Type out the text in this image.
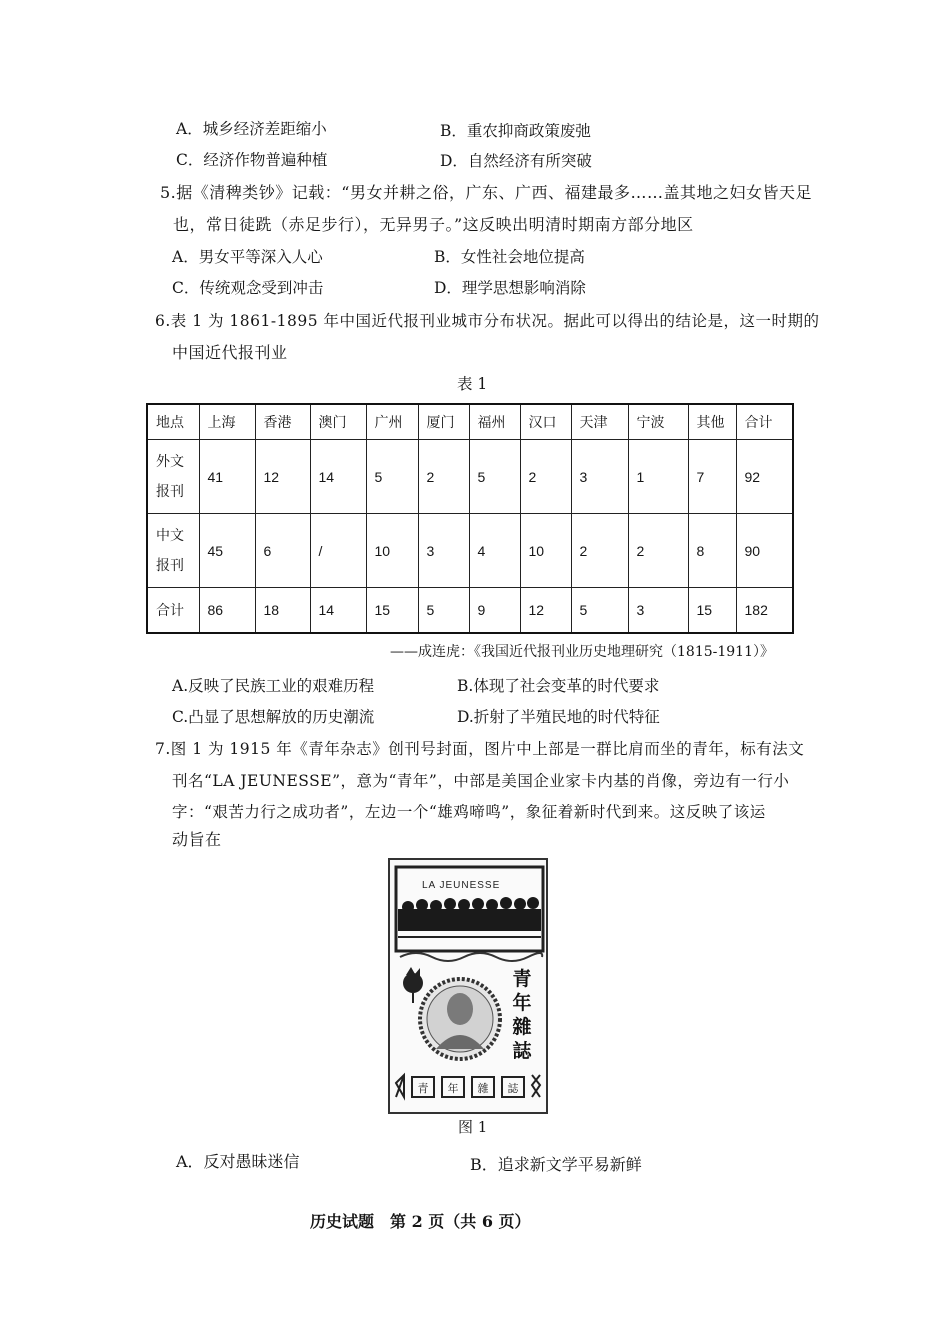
A．城乡经济差距缩小	B．重农抑商政策废弛
C．经济作物普遍种植	D．自然经济有所突破
5.据《清稗类钞》记载：“男女并耕之俗，广东、广西、福建最多……盖其地之妇女皆天足
也，常日徒跣（赤足步行），无异男子。”这反映出明清时期南方部分地区
A．男女平等深入人心	B．女性社会地位提高
C．传统观念受到冲击	D．理学思想影响消除
6.表 1 为 1861-1895 年中国近代报刊业城市分布状况。据此可以得出的结论是，这一时期的
中国近代报刊业
表 1
地点	上海	香港	澳门	广州	厦门	福州	汉口	天津	宁波	其他	合计

外文
报刊	41	12	14	5	2	5	2	3	1	7	92

中文
报刊	45	6	/	10	3	4	10	2	2	8	90
合计	86	18	14	15	5	9	12	5	3	15	182
——成连虎：《我国近代报刊业历史地理研究（1815-1911）》
A.反映了民族工业的艰难历程	B.体现了社会变革的时代要求
C.凸显了思想解放的历史潮流	D.折射了半殖民地的时代特征
7.图 1 为 1915 年《青年杂志》创刊号封面，图片中上部是一群比肩而坐的青年，标有法文
刊名“LA JEUNESSE”，意为“青年”，中部是美国企业家卡内基的肖像，旁边有一行小
字：“艰苦力行之成功者”，左边一个“雄鸡啼鸣”，象征着新时代到来。这反映了该运
动旨在
LA JEUNESSE
青
年
雜
誌
青 年 雜 誌
图 1
A．反对愚昧迷信	B．追求新文学平易新鲜
历史试题　第 2 页（共 6 页）
